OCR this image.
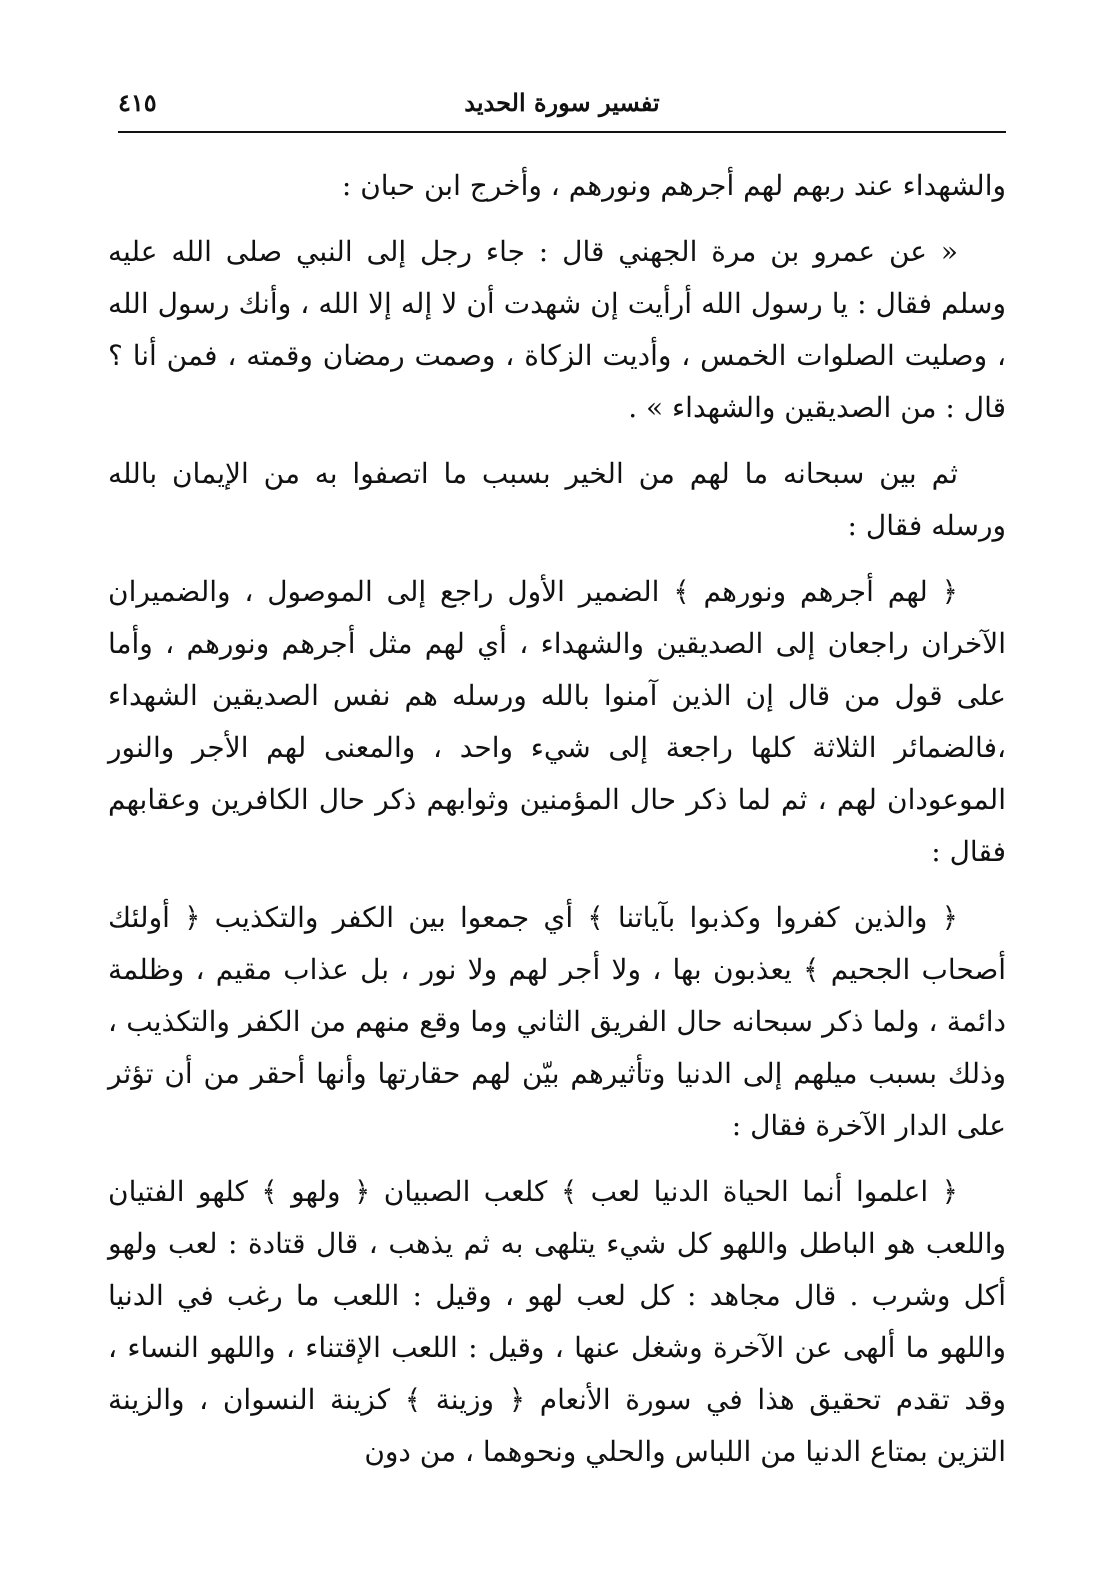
تفسير سورة الحديد
٤١٥

والشهداء عند ربهم لهم أجرهم ونورهم ، وأخرج ابن حبان :

« عن عمرو بن مرة الجهني قال : جاء رجل إلى النبي صلى الله عليه وسلم فقال : يا رسول الله أرأيت إن شهدت أن لا إله إلا الله ، وأنك رسول الله ، وصليت الصلوات الخمس ، وأديت الزكاة ، وصمت رمضان وقمته ، فمن أنا ؟ قال : من الصديقين والشهداء » .

ثم بين سبحانه ما لهم من الخير بسبب ما اتصفوا به من الإيمان بالله ورسله فقال :

﴿ لهم أجرهم ونورهم ﴾ الضمير الأول راجع إلى الموصول ، والضميران الآخران راجعان إلى الصديقين والشهداء ، أي لهم مثل أجرهم ونورهم ، وأما على قول من قال إن الذين آمنوا بالله ورسله هم نفس الصديقين الشهداء ،فالضمائر الثلاثة كلها راجعة إلى شيء واحد ، والمعنى لهم الأجر والنور الموعودان لهم ، ثم لما ذكر حال المؤمنين وثوابهم ذكر حال الكافرين وعقابهم فقال :

﴿ والذين كفروا وكذبوا بآياتنا ﴾ أي جمعوا بين الكفر والتكذيب ﴿ أولئك أصحاب الجحيم ﴾ يعذبون بها ، ولا أجر لهم ولا نور ، بل عذاب مقيم ، وظلمة دائمة ، ولما ذكر سبحانه حال الفريق الثاني وما وقع منهم من الكفر والتكذيب ، وذلك بسبب ميلهم إلى الدنيا وتأثيرهم بيّن لهم حقارتها وأنها أحقر من أن تؤثر على الدار الآخرة فقال :

﴿ اعلموا أنما الحياة الدنيا لعب ﴾ كلعب الصبيان ﴿ ولهو ﴾ كلهو الفتيان واللعب هو الباطل واللهو كل شيء يتلهى به ثم يذهب ، قال قتادة : لعب ولهو أكل وشرب . قال مجاهد : كل لعب لهو ، وقيل : اللعب ما رغب في الدنيا واللهو ما ألهى عن الآخرة وشغل عنها ، وقيل : اللعب الإقتناء ، واللهو النساء ، وقد تقدم تحقيق هذا في سورة الأنعام ﴿ وزينة ﴾ كزينة النسوان ، والزينة التزين بمتاع الدنيا من اللباس والحلي ونحوهما ، من دون
